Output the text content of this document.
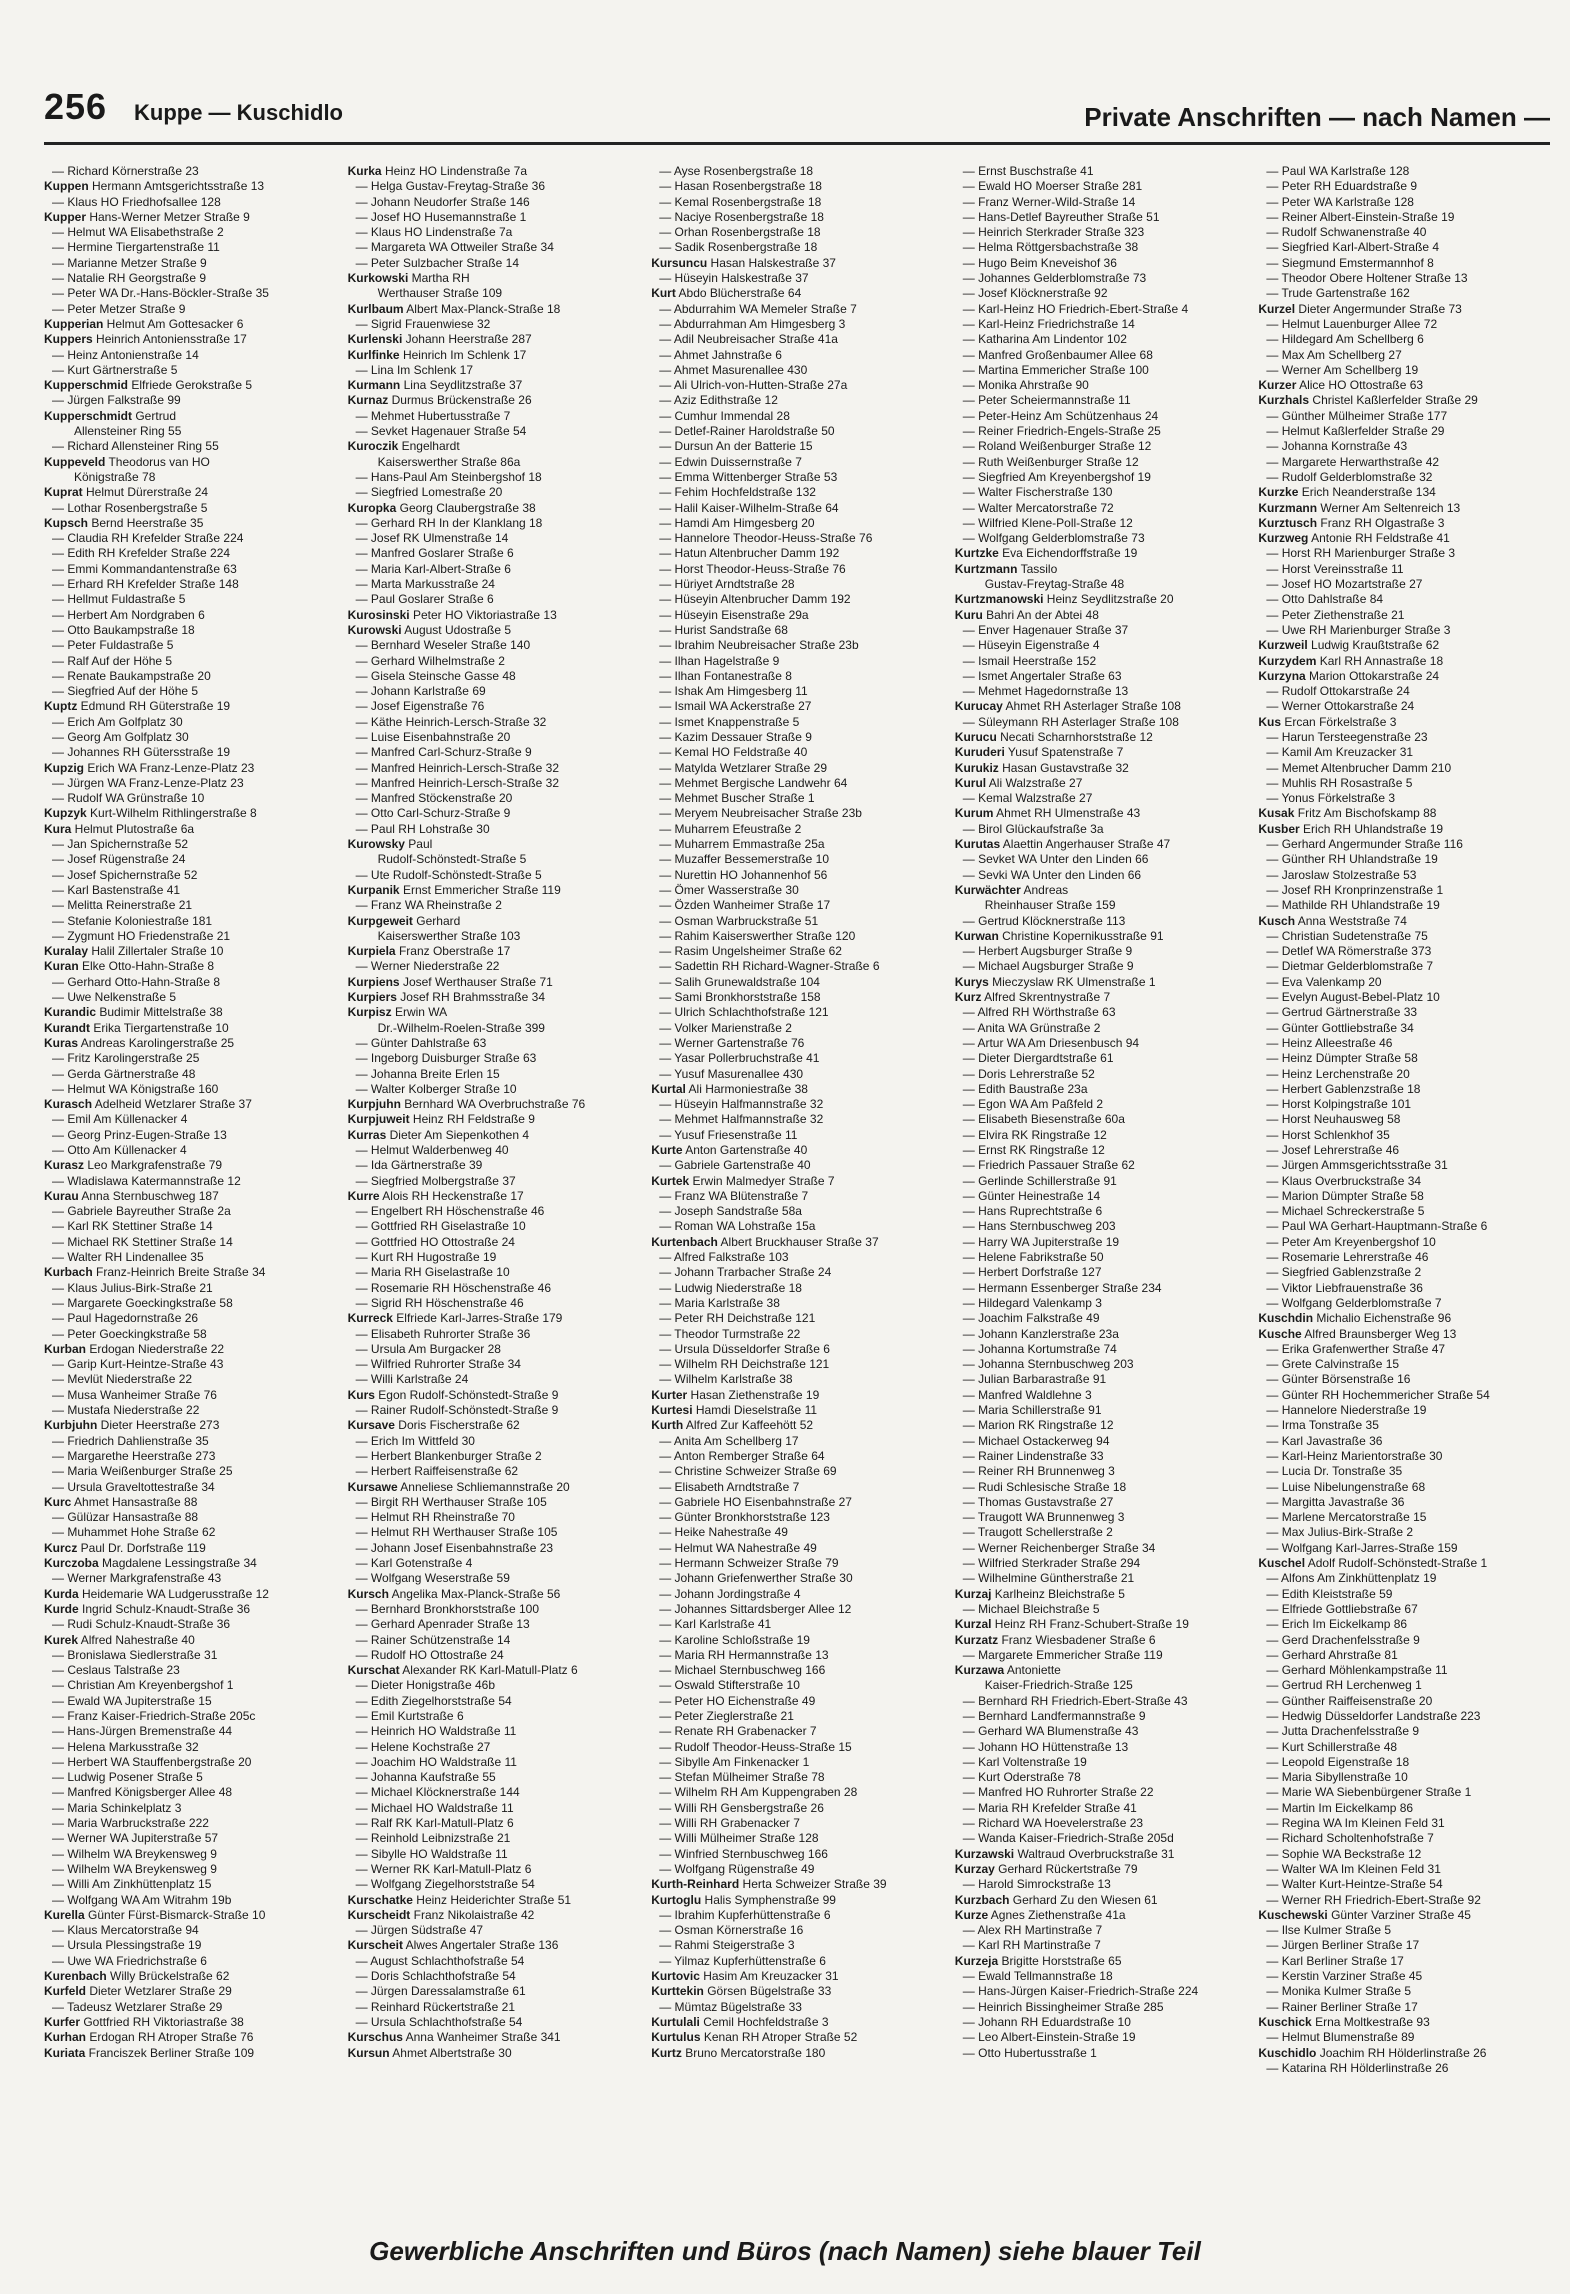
256 Kuppe — Kuschidlo	Private Anschriften — nach Namen —
— Richard Körnerstraße 23
Kuppen Hermann Amtsgerichtsstraße 13
— Klaus HO Friedhofsallee 128
Kupper Hans-Werner Metzer Straße 9
— Helmut WA Elisabethstraße 2
— Hermine Tiergartenstraße 11
— Marianne Metzer Straße 9
— Natalie RH Georgstraße 9
— Peter WA Dr.-Hans-Böckler-Straße 35
— Peter Metzer Straße 9
Kupperian Helmut Am Gottesacker 6
Kuppers Heinrich Antoniensstraße 17
— Heinz Antonienstraße 14
— Kurt Gärtnerstraße 5
Kupperschmid Elfriede Gerokstraße 5
— Jürgen Falkstraße 99
Kupperschmidt Gertrud
Allensteiner Ring 55
— Richard Allensteiner Ring 55
Kuppeveld Theodorus van HO
Königstraße 78
Kuprat Helmut Dürerstraße 24
— Lothar Rosenbergstraße 5
Kupsch Bernd Heerstraße 35
— Claudia RH Krefelder Straße 224
— Edith RH Krefelder Straße 224
— Emmi Kommandantenstraße 63
— Erhard RH Krefelder Straße 148
— Hellmut Fuldastraße 5
— Herbert Am Nordgraben 6
— Otto Baukampstraße 18
— Peter Fuldastraße 5
— Ralf Auf der Höhe 5
— Renate Baukampstraße 20
— Siegfried Auf der Höhe 5
Kuptz Edmund RH Güterstraße 19
— Erich Am Golfplatz 30
— Georg Am Golfplatz 30
— Johannes RH Gütersstraße 19
Kupzig Erich WA Franz-Lenze-Platz 23
— Jürgen WA Franz-Lenze-Platz 23
— Rudolf WA Grünstraße 10
Kupzyk Kurt-Wilhelm Rithlingerstraße 8
Kura Helmut Plutostraße 6a
— Jan Spichernstraße 52
— Josef Rügenstraße 24
— Josef Spichernstraße 52
— Karl Bastenstraße 41
— Melitta Reinerstraße 21
— Stefanie Koloniestraße 181
— Zygmunt HO Friedenstraße 21
Kuralay Halil Zillertaler Straße 10
Kuran Elke Otto-Hahn-Straße 8
— Gerhard Otto-Hahn-Straße 8
— Uwe Nelkenstraße 5
Kurandic Budimir Mittelstraße 38
Kurandt Erika Tiergartenstraße 10
Kuras Andreas Karolingerstraße 25
— Fritz Karolingerstraße 25
— Gerda Gärtnerstraße 48
— Helmut WA Königstraße 160
Kurasch Adelheid Wetzlarer Straße 37
— Emil Am Küllenacker 4
— Georg Prinz-Eugen-Straße 13
— Otto Am Küllenacker 4
Kurasz Leo Markgrafenstraße 79
— Wladislawa Katermannstraße 12
Kurau Anna Sternbuschweg 187
— Gabriele Bayreuther Straße 2a
— Karl RK Stettiner Straße 14
— Michael RK Stettiner Straße 14
— Walter RH Lindenallee 35
Kurbach Franz-Heinrich Breite Straße 34
— Klaus Julius-Birk-Straße 21
— Margarete Goeckingkstraße 58
— Paul Hagedornstraße 26
— Peter Goeckingkstraße 58
Kurban Erdogan Niederstraße 22
— Garip Kurt-Heintze-Straße 43
— Mevlüt Niederstraße 22
— Musa Wanheimer Straße 76
— Mustafa Niederstraße 22
Kurbjuhn Dieter Heerstraße 273
— Friedrich Dahlienstraße 35
— Margarethe Heerstraße 273
— Maria Weißenburger Straße 25
— Ursula Graveltottestraße 34
Kurc Ahmet Hansastraße 88
— Gülüzar Hansastraße 88
— Muhammet Hohe Straße 62
Kurcz Paul Dr. Dorfstraße 119
Kurczoba Magdalene Lessingstraße 34
— Werner Markgrafenstraße 43
Kurda Heidemarie WA Ludgerusstraße 12
Kurde Ingrid Schulz-Knaudt-Straße 36
— Rudi Schulz-Knaudt-Straße 36
Kurek Alfred Nahestraße 40
— Bronislawa Siedlerstraße 31
— Ceslaus Talstraße 23
— Christian Am Kreyenbergshof 1
— Ewald WA Jupiterstraße 15
— Franz Kaiser-Friedrich-Straße 205c
— Hans-Jürgen Bremenstraße 44
— Helena Markusstraße 32
— Herbert WA Stauffenbergstraße 20
— Ludwig Posener Straße 5
— Manfred Königsberger Allee 48
— Maria Schinkelplatz 3
— Maria Warbruckstraße 222
— Werner WA Jupiterstraße 57
— Wilhelm WA Breykensweg 9
— Wilhelm WA Breykensweg 9
— Willi Am Zinkhüttenplatz 15
— Wolfgang WA Am Witrahm 19b
Kurella Günter Fürst-Bismarck-Straße 10
— Klaus Mercatorstraße 94
— Ursula Plessingstraße 19
— Uwe WA Friedrichstraße 6
Kurenbach Willy Brückelstraße 62
Kurfeld Dieter Wetzlarer Straße 29
— Tadeusz Wetzlarer Straße 29
Kurfer Gottfried RH Viktoriastraße 38
Kurhan Erdogan RH Atroper Straße 76
Kuriata Franciszek Berliner Straße 109
Kurka Heinz HO Lindenstraße 7a
— Helga Gustav-Freytag-Straße 36
— Johann Neudorfer Straße 146
— Josef HO Husemannstraße 1
— Klaus HO Lindenstraße 7a
— Margareta WA Ottweiler Straße 34
— Peter Sulzbacher Straße 14
Kurkowski Martha RH
Werthauser Straße 109
Kurlbaum Albert Max-Planck-Straße 18
— Sigrid Frauenwiese 32
Kurlenski Johann Heerstraße 287
Kurlfinke Heinrich Im Schlenk 17
— Lina Im Schlenk 17
Kurmann Lina Seydlitzstraße 37
Kurnaz Durmus Brückenstraße 26
— Mehmet Hubertusstraße 7
— Sevket Hagenauer Straße 54
Kuroczik Engelhardt
Kaiserswerther Straße 86a
— Hans-Paul Am Steinbergshof 18
— Siegfried Lomestraße 20
Kuropka Georg Claubergstraße 38
— Gerhard RH In der Klanklang 18
— Josef RK Ulmenstraße 14
— Manfred Goslarer Straße 6
— Maria Karl-Albert-Straße 6
— Marta Markusstraße 24
— Paul Goslarer Straße 6
Kurosinski Peter HO Viktoriastraße 13
Kurowski August Udostraße 5
— Bernhard Weseler Straße 140
— Gerhard Wilhelmstraße 2
— Gisela Steinsche Gasse 48
— Johann Karlstraße 69
— Josef Eigenstraße 76
— Käthe Heinrich-Lersch-Straße 32
— Luise Eisenbahnstraße 20
— Manfred Carl-Schurz-Straße 9
— Manfred Heinrich-Lersch-Straße 32
— Manfred Heinrich-Lersch-Straße 32
— Manfred Stöckenstraße 20
— Otto Carl-Schurz-Straße 9
— Paul RH Lohstraße 30
Kurowsky Paul
Rudolf-Schönstedt-Straße 5
— Ute Rudolf-Schönstedt-Straße 5
Kurpanik Ernst Emmericher Straße 119
— Franz WA Rheinstraße 2
Kurpgeweit Gerhard
Kaiserswerther Straße 103
Kurpiela Franz Oberstraße 17
— Werner Niederstraße 22
Kurpiens Josef Werthauser Straße 71
Kurpiers Josef RH Brahmsstraße 34
Kurpisz Erwin WA
Dr.-Wilhelm-Roelen-Straße 399
— Günter Dahlstraße 63
— Ingeborg Duisburger Straße 63
— Johanna Breite Erlen 15
— Walter Kolberger Straße 10
Kurpjuhn Bernhard WA Overbruchstraße 76
Kurpjuweit Heinz RH Feldstraße 9
Kurras Dieter Am Siepenkothen 4
— Helmut Walderbenweg 40
— Ida Gärtnerstraße 39
— Siegfried Molbergstraße 37
Kurre Alois RH Heckenstraße 17
— Engelbert RH Höschenstraße 46
— Gottfried RH Giselastraße 10
— Gottfried HO Ottostraße 24
— Kurt RH Hugostraße 19
— Maria RH Giselastraße 10
— Rosemarie RH Höschenstraße 46
— Sigrid RH Höschenstraße 46
Kurreck Elfriede Karl-Jarres-Straße 179
— Elisabeth Ruhrorter Straße 36
— Ursula Am Burgacker 28
— Wilfried Ruhrorter Straße 34
— Willi Karlstraße 24
Kurs Egon Rudolf-Schönstedt-Straße 9
— Rainer Rudolf-Schönstedt-Straße 9
Kursave Doris Fischerstraße 62
— Erich Im Wittfeld 30
— Herbert Blankenburger Straße 2
— Herbert Raiffeisenstraße 62
Kursawe Anneliese Schliemannstraße 20
— Birgit RH Werthauser Straße 105
— Helmut RH Rheinstraße 70
— Helmut RH Werthauser Straße 105
— Johann Josef Eisenbahnstraße 23
— Karl Gotenstraße 4
— Wolfgang Weserstraße 59
Kursch Angelika Max-Planck-Straße 56
— Bernhard Bronkhorststraße 100
— Gerhard Apenrader Straße 13
— Rainer Schützenstraße 14
— Rudolf HO Ottostraße 24
Kurschat Alexander RK Karl-Matull-Platz 6
— Dieter Honigstraße 46b
— Edith Ziegelhorststraße 54
— Emil Kurtstraße 6
— Heinrich HO Waldstraße 11
— Helene Kochstraße 27
— Joachim HO Waldstraße 11
— Johanna Kaufstraße 55
— Michael Klöcknerstraße 144
— Michael HO Waldstraße 11
— Ralf RK Karl-Matull-Platz 6
— Reinhold Leibnizstraße 21
— Sibylle HO Waldstraße 11
— Werner RK Karl-Matull-Platz 6
— Wolfgang Ziegelhorststraße 54
Kurschatke Heinz Heiderichter Straße 51
Kurscheidt Franz Nikolaistraße 42
— Jürgen Südstraße 47
Kurscheit Alwes Angertaler Straße 136
— August Schlachthofstraße 54
— Doris Schlachthofstraße 54
— Jürgen Daressalamstraße 61
— Reinhard Rückertstraße 21
— Ursula Schlachthofstraße 54
Kurschus Anna Wanheimer Straße 341
Kursun Ahmet Albertstraße 30
— Ayse Rosenbergstraße 18
— Hasan Rosenbergstraße 18
— Kemal Rosenbergstraße 18
— Naciye Rosenbergstraße 18
— Orhan Rosenbergstraße 18
— Sadik Rosenbergstraße 18
Kursuncu Hasan Halskestraße 37
— Hüseyin Halskestraße 37
Kurt Abdo Blücherstraße 64
— Abdurrahim WA Memeler Straße 7
— Abdurrahman Am Himgesberg 3
— Adil Neubreisacher Straße 41a
— Ahmet Jahnstraße 6
— Ahmet Masurenallee 430
— Ali Ulrich-von-Hutten-Straße 27a
— Aziz Edithstraße 12
— Cumhur Immendal 28
— Detlef-Rainer Haroldstraße 50
— Dursun An der Batterie 15
— Edwin Duissernstraße 7
— Emma Wittenberger Straße 53
— Fehim Hochfeldstraße 132
— Halil Kaiser-Wilhelm-Straße 64
— Hamdi Am Himgesberg 20
— Hannelore Theodor-Heuss-Straße 76
— Hatun Altenbrucher Damm 192
— Horst Theodor-Heuss-Straße 76
— Hüriyet Arndtstraße 28
— Hüseyin Altenbrucher Damm 192
— Hüseyin Eisenstraße 29a
— Hurist Sandstraße 68
— Ibrahim Neubreisacher Straße 23b
— Ilhan Hagelstraße 9
— Ilhan Fontanestraße 8
— Ishak Am Himgesberg 11
— Ismail WA Ackerstraße 27
— Ismet Knappenstraße 5
— Kazim Dessauer Straße 9
— Kemal HO Feldstraße 40
— Matylda Wetzlarer Straße 29
— Mehmet Bergische Landwehr 64
— Mehmet Buscher Straße 1
— Meryem Neubreisacher Straße 23b
— Muharrem Efeustraße 2
— Muharrem Emmastraße 25a
— Muzaffer Bessemerstraße 10
— Nurettin HO Johannenhof 56
— Ömer Wasserstraße 30
— Özden Wanheimer Straße 17
— Osman Warbruckstraße 51
— Rahim Kaiserswerther Straße 120
— Rasim Ungelsheimer Straße 62
— Sadettin RH Richard-Wagner-Straße 6
— Salih Grunewaldstraße 104
— Sami Bronkhorststraße 158
— Ulrich Schlachthofstraße 121
— Volker Marienstraße 2
— Werner Gartenstraße 76
— Yasar Pollerbruchstraße 41
— Yusuf Masurenallee 430
Kurtal Ali Harmoniestraße 38
— Hüseyin Halfmannstraße 32
— Mehmet Halfmannstraße 32
— Yusuf Friesenstraße 11
Kurte Anton Gartenstraße 40
— Gabriele Gartenstraße 40
Kurtek Erwin Malmedyer Straße 7
— Franz WA Blütenstraße 7
— Joseph Sandstraße 58a
— Roman WA Lohstraße 15a
Kurtenbach Albert Bruckhauser Straße 37
— Alfred Falkstraße 103
— Johann Trarbacher Straße 24
— Ludwig Niederstraße 18
— Maria Karlstraße 38
— Peter RH Deichstraße 121
— Theodor Turmstraße 22
— Ursula Düsseldorfer Straße 6
— Wilhelm RH Deichstraße 121
— Wilhelm Karlstraße 38
Kurter Hasan Ziethenstraße 19
Kurtesi Hamdi Dieselstraße 11
Kurth Alfred Zur Kaffeehött 52
— Anita Am Schellberg 17
— Anton Remberger Straße 64
— Christine Schweizer Straße 69
— Elisabeth Arndtstraße 7
— Gabriele HO Eisenbahnstraße 27
— Günter Bronkhorststraße 123
— Heike Nahestraße 49
— Helmut WA Nahestraße 49
— Hermann Schweizer Straße 79
— Johann Griefenwerther Straße 30
— Johann Jordingstraße 4
— Johannes Sittardsberger Allee 12
— Karl Karlstraße 41
— Karoline Schloßstraße 19
— Maria RH Hermannstraße 13
— Michael Sternbuschweg 166
— Oswald Stifterstraße 10
— Peter HO Eichenstraße 49
— Peter Zieglerstraße 21
— Renate RH Grabenacker 7
— Rudolf Theodor-Heuss-Straße 15
— Sibylle Am Finkenacker 1
— Stefan Mülheimer Straße 78
— Wilhelm RH Am Kuppengraben 28
— Willi RH Gensbergstraße 26
— Willi RH Grabenacker 7
— Willi Mülheimer Straße 128
— Winfried Sternbuschweg 166
— Wolfgang Rügenstraße 49
Kurth-Reinhard Herta Schweizer Straße 39
Kurtoglu Halis Symphenstraße 99
— Ibrahim Kupferhüttenstraße 6
— Osman Körnerstraße 16
— Rahmi Steigerstraße 3
— Yilmaz Kupferhüttenstraße 6
Kurtovic Hasim Am Kreuzacker 31
Kurttekin Görsen Bügelstraße 33
— Mümtaz Bügelstraße 33
Kurtulali Cemil Hochfeldstraße 3
Kurtulus Kenan RH Atroper Straße 52
Kurtz Bruno Mercatorstraße 180
— Ernst Buschstraße 41
— Ewald HO Moerser Straße 281
— Franz Werner-Wild-Straße 14
— Hans-Detlef Bayreuther Straße 51
— Heinrich Sterkrader Straße 323
— Helma Röttgersbachstraße 38
— Hugo Beim Kneveishof 36
— Johannes Gelderblomstraße 73
— Josef Klöcknerstraße 92
— Karl-Heinz HO Friedrich-Ebert-Straße 4
— Karl-Heinz Friedrichstraße 14
— Katharina Am Lindentor 102
— Manfred Großenbaumer Allee 68
— Martina Emmericher Straße 100
— Monika Ahrstraße 90
— Peter Scheiermannstraße 11
— Peter-Heinz Am Schützenhaus 24
— Reiner Friedrich-Engels-Straße 25
— Roland Weißenburger Straße 12
— Ruth Weißenburger Straße 12
— Siegfried Am Kreyenbergshof 19
— Walter Fischerstraße 130
— Walter Mercatorstraße 72
— Wilfried Klene-Poll-Straße 12
— Wolfgang Gelderblomstraße 73
Kurtzke Eva Eichendorffstraße 19
Kurtzmann Tassilo
Gustav-Freytag-Straße 48
Kurtzmanowski Heinz Seydlitzstraße 20
Kuru Bahri An der Abtei 48
— Enver Hagenauer Straße 37
— Hüseyin Eigenstraße 4
— Ismail Heerstraße 152
— Ismet Angertaler Straße 63
— Mehmet Hagedornstraße 13
Kurucay Ahmet RH Asterlager Straße 108
— Süleymann RH Asterlager Straße 108
Kurucu Necati Scharnhorststraße 12
Kuruderi Yusuf Spatenstraße 7
Kurukiz Hasan Gustavstraße 32
Kurul Ali Walzstraße 27
— Kemal Walzstraße 27
Kurum Ahmet RH Ulmenstraße 43
— Birol Glückaufstraße 3a
Kurutas Alaettin Angerhauser Straße 47
— Sevket WA Unter den Linden 66
— Sevki WA Unter den Linden 66
Kurwächter Andreas
Rheinhauser Straße 159
— Gertrud Klöcknerstraße 113
Kurwan Christine Kopernikusstraße 91
— Herbert Augsburger Straße 9
— Michael Augsburger Straße 9
Kurys Mieczyslaw RK Ulmenstraße 1
Kurz Alfred Skrentnystraße 7
— Alfred RH Wörthstraße 63
— Anita WA Grünstraße 2
— Artur WA Am Driesenbusch 94
— Dieter Diergardtstraße 61
— Doris Lehrerstraße 52
— Edith Baustraße 23a
— Egon WA Am Paßfeld 2
— Elisabeth Biesenstraße 60a
— Elvira RK Ringstraße 12
— Ernst RK Ringstraße 12
— Friedrich Passauer Straße 62
— Gerlinde Schillerstraße 91
— Günter Heinestraße 14
— Hans Ruprechtstraße 6
— Hans Sternbuschweg 203
— Harry WA Jupiterstraße 19
— Helene Fabrikstraße 50
— Herbert Dorfstraße 127
— Hermann Essenberger Straße 234
— Hildegard Valenkamp 3
— Joachim Falkstraße 49
— Johann Kanzlerstraße 23a
— Johanna Kortumstraße 74
— Johanna Sternbuschweg 203
— Julian Barbarastraße 91
— Manfred Waldlehne 3
— Maria Schillerstraße 91
— Marion RK Ringstraße 12
— Michael Ostackerweg 94
— Rainer Lindenstraße 33
— Reiner RH Brunnenweg 3
— Rudi Schlesische Straße 18
— Thomas Gustavstraße 27
— Traugott WA Brunnenweg 3
— Traugott Schellerstraße 2
— Werner Reichenberger Straße 34
— Wilfried Sterkrader Straße 294
— Wilhelmine Güntherstraße 21
Kurzaj Karlheinz Bleichstraße 5
— Michael Bleichstraße 5
Kurzal Heinz RH Franz-Schubert-Straße 19
Kurzatz Franz Wiesbadener Straße 6
— Margarete Emmericher Straße 119
Kurzawa Antoniette
Kaiser-Friedrich-Straße 125
— Bernhard RH Friedrich-Ebert-Straße 43
— Bernhard Landfermannstraße 9
— Gerhard WA Blumenstraße 43
— Johann HO Hüttenstraße 13
— Karl Voltenstraße 19
— Kurt Oderstraße 78
— Manfred HO Ruhrorter Straße 22
— Maria RH Krefelder Straße 41
— Richard WA Hoevelerstraße 23
— Wanda Kaiser-Friedrich-Straße 205d
Kurzawski Waltraud Overbruckstraße 31
Kurzay Gerhard Rückertstraße 79
— Harold Simrockstraße 13
Kurzbach Gerhard Zu den Wiesen 61
Kurze Agnes Ziethenstraße 41a
— Alex RH Martinstraße 7
— Karl RH Martinstraße 7
Kurzeja Brigitte Horststraße 65
— Ewald Tellmannstraße 18
— Hans-Jürgen Kaiser-Friedrich-Straße 224
— Heinrich Bissingheimer Straße 285
— Johann RH Eduardstraße 10
— Leo Albert-Einstein-Straße 19
— Otto Hubertusstraße 1
— Paul WA Karlstraße 128
— Peter RH Eduardstraße 9
— Peter WA Karlstraße 128
— Reiner Albert-Einstein-Straße 19
— Rudolf Schwanenstraße 40
— Siegfried Karl-Albert-Straße 4
— Siegmund Emstermannhof 8
— Theodor Obere Holtener Straße 13
— Trude Gartenstraße 162
Kurzel Dieter Angermunder Straße 73
— Helmut Lauenburger Allee 72
— Hildegard Am Schellberg 6
— Max Am Schellberg 27
— Werner Am Schellberg 19
Kurzer Alice HO Ottostraße 63
Kurzhals Christel Kaßlerfelder Straße 29
— Günther Mülheimer Straße 177
— Helmut Kaßlerfelder Straße 29
— Johanna Kornstraße 43
— Margarete Herwarthstraße 42
— Rudolf Gelderblomstraße 32
Kurzke Erich Neanderstraße 134
Kurzmann Werner Am Seltenreich 13
Kurztusch Franz RH Olgastraße 3
Kurzweg Antonie RH Feldstraße 41
— Horst RH Marienburger Straße 3
— Horst Vereinsstraße 11
— Josef HO Mozartstraße 27
— Otto Dahlstraße 84
— Peter Ziethenstraße 21
— Uwe RH Marienburger Straße 3
Kurzweil Ludwig Kraußtstraße 62
Kurzydem Karl RH Annastraße 18
Kurzyna Marion Ottokarstraße 24
— Rudolf Ottokarstraße 24
— Werner Ottokarstraße 24
Kus Ercan Förkelstraße 3
— Harun Tersteegenstraße 23
— Kamil Am Kreuzacker 31
— Memet Altenbrucher Damm 210
— Muhlis RH Rosastraße 5
— Yonus Förkelstraße 3
Kusak Fritz Am Bischofskamp 88
Kusber Erich RH Uhlandstraße 19
— Gerhard Angermunder Straße 116
— Günther RH Uhlandstraße 19
— Jaroslaw Stolzestraße 53
— Josef RH Kronprinzenstraße 1
— Mathilde RH Uhlandstraße 19
Kusch Anna Weststraße 74
— Christian Sudetenstraße 75
— Detlef WA Römerstraße 373
— Dietmar Gelderblomstraße 7
— Eva Valenkamp 20
— Evelyn August-Bebel-Platz 10
— Gertrud Gärtnerstraße 33
— Günter Gottliebstraße 34
— Heinz Alleestraße 46
— Heinz Dümpter Straße 58
— Heinz Lerchenstraße 20
— Herbert Gablenzstraße 18
— Horst Kolpingstraße 101
— Horst Neuhausweg 58
— Horst Schlenkhof 35
— Josef Lehrerstraße 46
— Jürgen Ammsgerichtsstraße 31
— Klaus Overbruckstraße 34
— Marion Dümpter Straße 58
— Michael Schreckerstraße 5
— Paul WA Gerhart-Hauptmann-Straße 6
— Peter Am Kreyenbergshof 10
— Rosemarie Lehrerstraße 46
— Siegfried Gablenzstraße 2
— Viktor Liebfrauenstraße 36
— Wolfgang Gelderblomstraße 7
Kuschdin Michalio Eichenstraße 96
Kusche Alfred Braunsberger Weg 13
— Erika Grafenwerther Straße 47
— Grete Calvinstraße 15
— Günter Börsenstraße 16
— Günter RH Hochemmericher Straße 54
— Hannelore Niederstraße 19
— Irma Tonstraße 35
— Karl Javastraße 36
— Karl-Heinz Marientorstraße 30
— Lucia Dr. Tonstraße 35
— Luise Nibelungenstraße 68
— Margitta Javastraße 36
— Marlene Mercatorstraße 15
— Max Julius-Birk-Straße 2
— Wolfgang Karl-Jarres-Straße 159
Kuschel Adolf Rudolf-Schönstedt-Straße 1
— Alfons Am Zinkhüttenplatz 19
— Edith Kleiststraße 59
— Elfriede Gottliebstraße 67
— Erich Im Eickelkamp 86
— Gerd Drachenfelsstraße 9
— Gerhard Ahrstraße 81
— Gerhard Möhlenkampstraße 11
— Gertrud RH Lerchenweg 1
— Günther Raiffeisenstraße 20
— Hedwig Düsseldorfer Landstraße 223
— Jutta Drachenfelsstraße 9
— Kurt Schillerstraße 48
— Leopold Eigenstraße 18
— Maria Sibyllenstraße 10
— Marie WA Siebenbürgener Straße 1
— Martin Im Eickelkamp 86
— Regina WA Im Kleinen Feld 31
— Richard Scholtenhofstraße 7
— Sophie WA Beckstraße 12
— Walter WA Im Kleinen Feld 31
— Walter Kurt-Heintze-Straße 54
— Werner RH Friedrich-Ebert-Straße 92
Kuschewski Günter Varziner Straße 45
— Ilse Kulmer Straße 5
— Jürgen Berliner Straße 17
— Karl Berliner Straße 17
— Kerstin Varziner Straße 45
— Monika Kulmer Straße 5
— Rainer Berliner Straße 17
Kuschick Erna Moltkestraße 93
— Helmut Blumenstraße 89
Kuschidlo Joachim RH Hölderlinstraße 26
— Katarina RH Hölderlinstraße 26
Gewerbliche Anschriften und Büros (nach Namen) siehe blauer Teil
